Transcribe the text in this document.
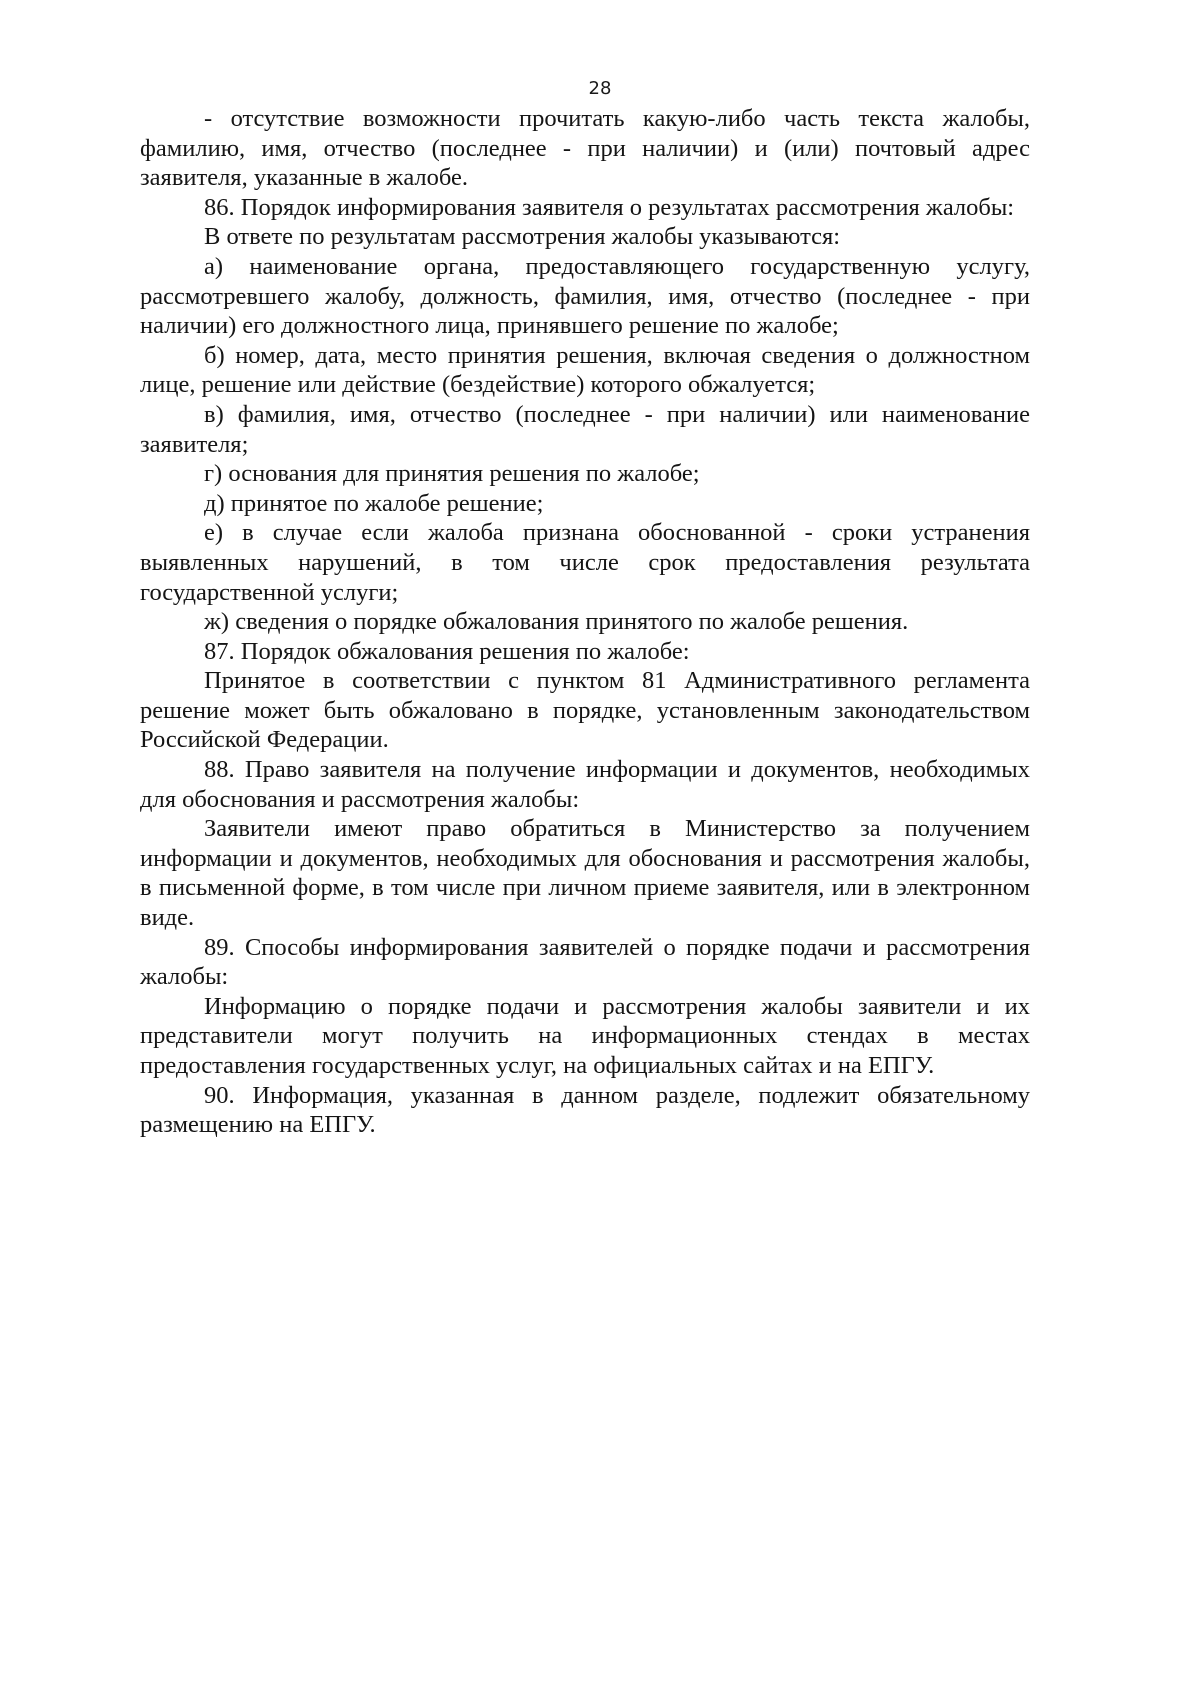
28

- отсутствие возможности прочитать какую-либо часть текста жалобы, фамилию, имя, отчество (последнее - при наличии) и (или) почтовый адрес заявителя, указанные в жалобе.

86. Порядок информирования заявителя о результатах рассмотрения жалобы:

В ответе по результатам рассмотрения жалобы указываются:

а) наименование органа, предоставляющего государственную услугу, рассмотревшего жалобу, должность, фамилия, имя, отчество (последнее - при наличии) его должностного лица, принявшего решение по жалобе;

б) номер, дата, место принятия решения, включая сведения о должностном лице, решение или действие (бездействие) которого обжалуется;

в) фамилия, имя, отчество (последнее - при наличии) или наименование заявителя;

г) основания для принятия решения по жалобе;

д) принятое по жалобе решение;

е) в случае если жалоба признана обоснованной - сроки устранения выявленных нарушений, в том числе срок предоставления результата государственной услуги;

ж) сведения о порядке обжалования принятого по жалобе решения.

87. Порядок обжалования решения по жалобе:

Принятое в соответствии с пунктом 81 Административного регламента решение может быть обжаловано в порядке, установленным законодательством Российской Федерации.

88. Право заявителя на получение информации и документов, необходимых для обоснования и рассмотрения жалобы:

Заявители имеют право обратиться в Министерство за получением информации и документов, необходимых для обоснования и рассмотрения жалобы, в письменной форме, в том числе при личном приеме заявителя, или в электронном виде.

89. Способы информирования заявителей о порядке подачи и рассмотрения жалобы:

Информацию о порядке подачи и рассмотрения жалобы заявители и их представители могут получить на информационных стендах в местах предоставления государственных услуг, на официальных сайтах и на ЕПГУ.

90. Информация, указанная в данном разделе, подлежит обязательному размещению на ЕПГУ.
